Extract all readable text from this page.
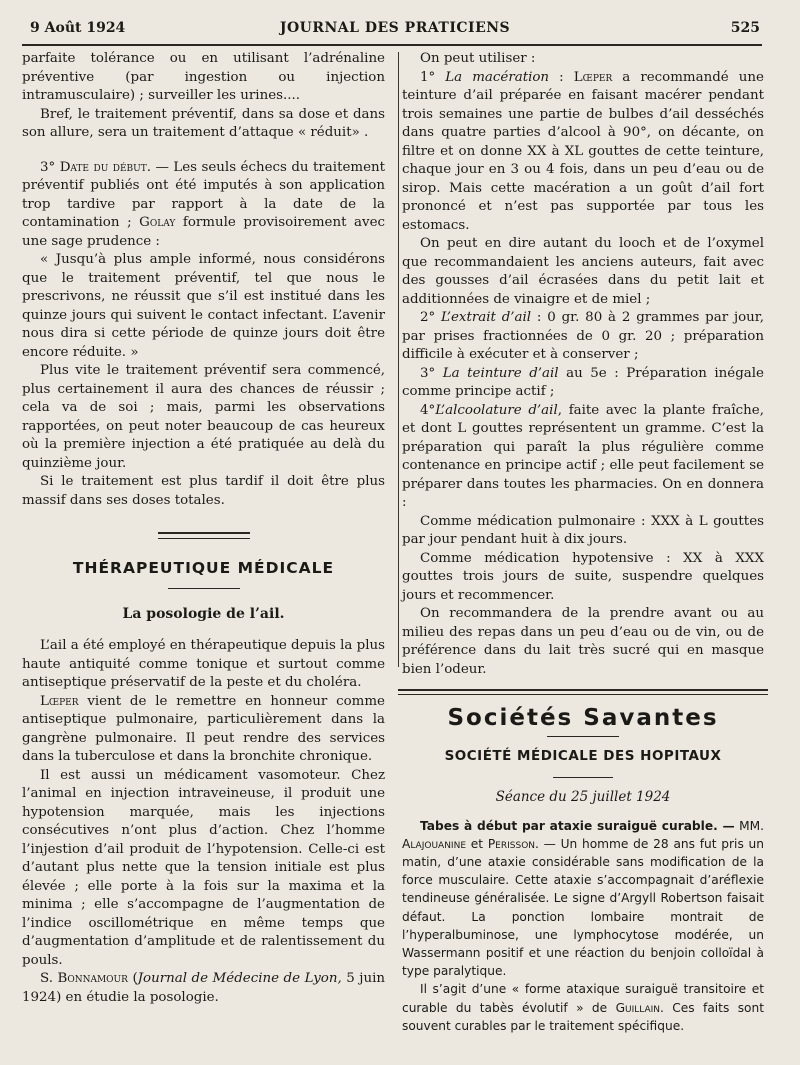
9 Août 1924	JOURNAL DES PRATICIENS	525

parfaite tolérance ou en utilisant l’adrénaline préventive (par ingestion ou injection intramusculaire) ; surveiller les urines....

Bref, le traitement préventif, dans sa dose et dans son allure, sera un traitement d’attaque « réduit» .

3° Date du début. — Les seuls échecs du traitement préventif publiés ont été imputés à son application trop tardive par rapport à la date de la contamination ; Golay formule provisoirement avec une sage prudence :

« Jusqu’à plus ample informé, nous considérons que le traitement préventif, tel que nous le prescrivons, ne réussit que s’il est institué dans les quinze jours qui suivent le contact infectant. L’avenir nous dira si cette période de quinze jours doit être encore réduite. »

Plus vite le traitement préventif sera commencé, plus certainement il aura des chances de réussir ; cela va de soi ; mais, parmi les observations rapportées, on peut noter beaucoup de cas heureux où la première injection a été pratiquée au delà du quinzième jour.

Si le traitement est plus tardif il doit être plus massif dans ses doses totales.

THÉRAPEUTIQUE MÉDICALE
La posologie de l’ail.

L’ail a été employé en thérapeutique depuis la plus haute antiquité comme tonique et surtout comme antiseptique préservatif de la peste et du choléra.

Lœper vient de le remettre en honneur comme antiseptique pulmonaire, particulièrement dans la gangrène pulmonaire. Il peut rendre des services dans la tuberculose et dans la bronchite chronique.

Il est aussi un médicament vasomoteur. Chez l’animal en injection intraveineuse, il produit une hypotension marquée, mais les injections consécutives n’ont plus d’action. Chez l’homme l’injestion d’ail produit de l’hypotension. Celle-ci est d’autant plus nette que la tension initiale est plus élevée ; elle porte à la fois sur la maxima et la minima ; elle s’accompagne de l’augmentation de l’indice oscillométrique en même temps que d’augmentation d’amplitude et de ralentissement du pouls.

S. Bonnamour (Journal de Médecine de Lyon, 5 juin 1924) en étudie la posologie.

On peut utiliser :

1° La macération : Lœper a recommandé une teinture d’ail préparée en faisant macérer pendant trois semaines une partie de bulbes d’ail desséchés dans quatre parties d’alcool à 90°, on décante, on filtre et on donne XX à XL gouttes de cette teinture, chaque jour en 3 ou 4 fois, dans un peu d’eau ou de sirop. Mais cette macération a un goût d’ail fort prononcé et n’est pas supportée par tous les estomacs.

On peut en dire autant du looch et de l’oxymel que recommandaient les anciens auteurs, fait avec des gousses d’ail écrasées dans du petit lait et additionnées de vinaigre et de miel ;

2° L’extrait d’ail : 0 gr. 80 à 2 grammes par jour, par prises fractionnées de 0 gr. 20 ; préparation difficile à exécuter et à conserver ;

3° La teinture d’ail au 5e : Préparation inégale comme principe actif ;

4°L’alcoolature d’ail, faite avec la plante fraîche, et dont L gouttes représentent un gramme. C’est la préparation qui paraît la plus régulière comme contenance en principe actif ; elle peut facilement se préparer dans toutes les pharmacies. On en donnera :

Comme médication pulmonaire : XXX à L gouttes par jour pendant huit à dix jours.

Comme médication hypotensive : XX à XXX gouttes trois jours de suite, suspendre quelques jours et recommencer.

On recommandera de la prendre avant ou au milieu des repas dans un peu d’eau ou de vin, ou de préférence dans du lait très sucré qui en masque bien l’odeur.

Sociétés Savantes
SOCIÉTÉ MÉDICALE DES HOPITAUX
Séance du 25 juillet 1924

Tabes à début par ataxie suraiguë curable. — MM. Alajouanine et Perisson. — Un homme de 28 ans fut pris un matin, d’une ataxie considérable sans modification de la force musculaire. Cette ataxie s’accompagnait d’aréflexie tendineuse généralisée. Le signe d’Argyll Robertson faisait défaut. La ponction lombaire montrait de l’hyperalbuminose, une lymphocytose modérée, un Wassermann positif et une réaction du benjoin colloïdal à type paralytique.

Il s’agit d’une « forme ataxique suraiguë transitoire et curable du tabès évolutif » de Guillain. Ces faits sont souvent curables par le traitement spécifique.
